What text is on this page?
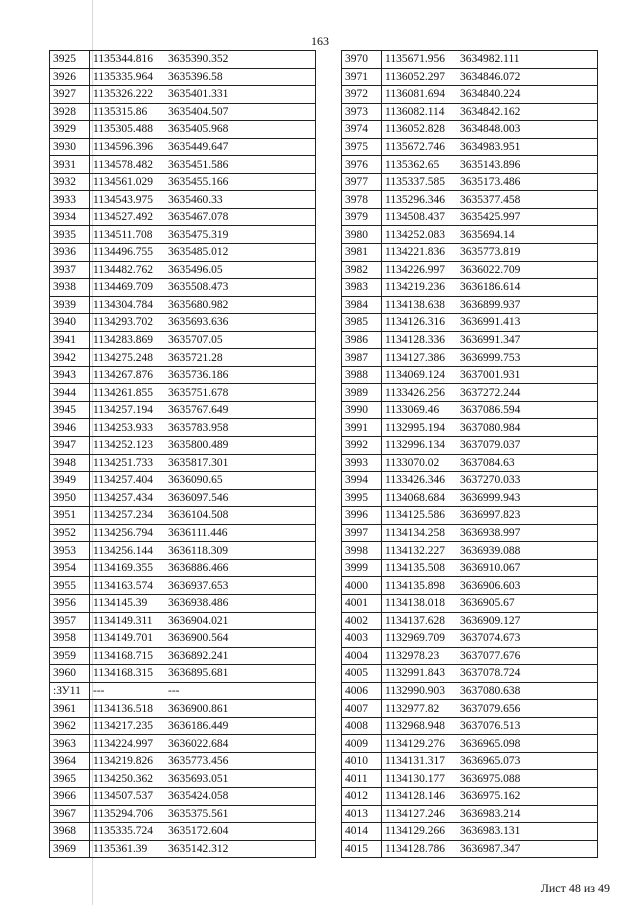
163
3925	1135344.816 3635390.352
3926	1135335.964 3635396.58
3927	1135326.222 3635401.331
3928	1135315.86 3635404.507
3929	1135305.488 3635405.968
3930	1134596.396 3635449.647
3931	1134578.482 3635451.586
3932	1134561.029 3635455.166
3933	1134543.975 3635460.33
3934	1134527.492 3635467.078
3935	1134511.708 3635475.319
3936	1134496.755 3635485.012
3937	1134482.762 3635496.05
3938	1134469.709 3635508.473
3939	1134304.784 3635680.982
3940	1134293.702 3635693.636
3941	1134283.869 3635707.05
3942	1134275.248 3635721.28
3943	1134267.876 3635736.186
3944	1134261.855 3635751.678
3945	1134257.194 3635767.649
3946	1134253.933 3635783.958
3947	1134252.123 3635800.489
3948	1134251.733 3635817.301
3949	1134257.404 3636090.65
3950	1134257.434 3636097.546
3951	1134257.234 3636104.508
3952	1134256.794 3636111.446
3953	1134256.144 3636118.309
3954	1134169.355 3636886.466
3955	1134163.574 3636937.653
3956	1134145.39 3636938.486
3957	1134149.311 3636904.021
3958	1134149.701 3636900.564
3959	1134168.715 3636892.241
3960	1134168.315 3636895.681
:ЗУ11	--- ---
3961	1134136.518 3636900.861
3962	1134217.235 3636186.449
3963	1134224.997 3636022.684
3964	1134219.826 3635773.456
3965	1134250.362 3635693.051
3966	1134507.537 3635424.058
3967	1135294.706 3635375.561
3968	1135335.724 3635172.604
3969	1135361.39 3635142.312
3970	1135671.956 3634982.111
3971	1136052.297 3634846.072
3972	1136081.694 3634840.224
3973	1136082.114 3634842.162
3974	1136052.828 3634848.003
3975	1135672.746 3634983.951
3976	1135362.65 3635143.896
3977	1135337.585 3635173.486
3978	1135296.346 3635377.458
3979	1134508.437 3635425.997
3980	1134252.083 3635694.14
3981	1134221.836 3635773.819
3982	1134226.997 3636022.709
3983	1134219.236 3636186.614
3984	1134138.638 3636899.937
3985	1134126.316 3636991.413
3986	1134128.336 3636991.347
3987	1134127.386 3636999.753
3988	1134069.124 3637001.931
3989	1133426.256 3637272.244
3990	1133069.46 3637086.594
3991	1132995.194 3637080.984
3992	1132996.134 3637079.037
3993	1133070.02 3637084.63
3994	1133426.346 3637270.033
3995	1134068.684 3636999.943
3996	1134125.586 3636997.823
3997	1134134.258 3636938.997
3998	1134132.227 3636939.088
3999	1134135.508 3636910.067
4000	1134135.898 3636906.603
4001	1134138.018 3636905.67
4002	1134137.628 3636909.127
4003	1132969.709 3637074.673
4004	1132978.23 3637077.676
4005	1132991.843 3637078.724
4006	1132990.903 3637080.638
4007	1132977.82 3637079.656
4008	1132968.948 3637076.513
4009	1134129.276 3636965.098
4010	1134131.317 3636965.073
4011	1134130.177 3636975.088
4012	1134128.146 3636975.162
4013	1134127.246 3636983.214
4014	1134129.266 3636983.131
4015	1134128.786 3636987.347
Лист 48 из 49
